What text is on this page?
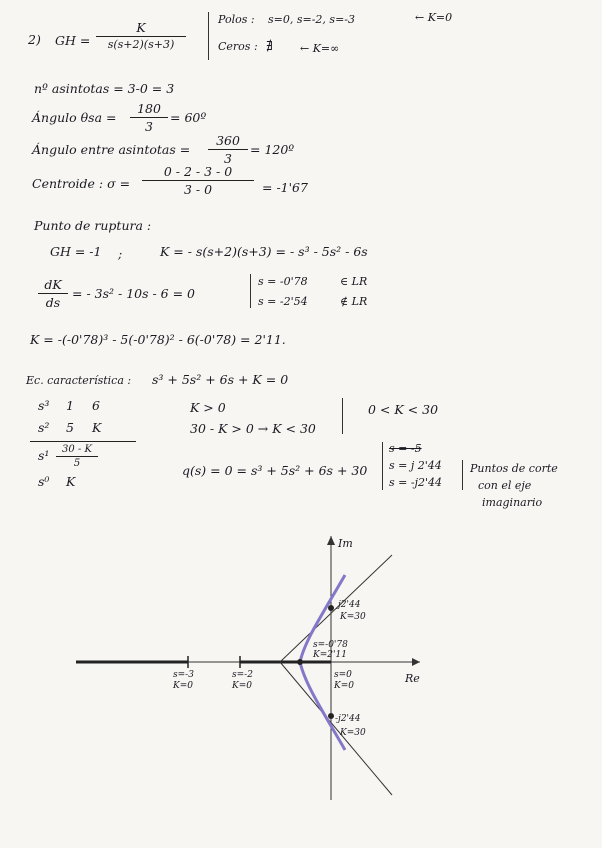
2) GH = $\frac{K}{s(s+2)(s+3)}$
Polos : s=0, s=-2, s=-3	← K=0
Ceros : ∄ ← K=∞
nº asintotas = 3-0 = 3
Ángulo $\theta sa = \frac{180}{3}$ = 60º
Ángulo entre asintotas = $\frac{360}{3}$ = 120º
Centroide : $\sigma = \frac{0 - 2 - 3 - 0}{3 - 0} = -1'67$
Punto de ruptura :
GH = -1 ;	K = - s(s+2)(s+3) = - s³ - 5s² - 6s
$\frac{dK}{ds}$ = - 3s² - 10s - 6 = 0
s = -0'78	∈ LR
s = -2'54	∉ LR
K = -(-0'78)³ - 5(-0'78)² - 6(-0'78) = 2'11.
Ec. característica : s³ + 5s² + 6s + K = 0
s³ 1 6
s² 5 K
$s^1 \frac{30 - K}{5}$
s⁰ K
K > 0
30 - K > 0 → K < 30
0 < K < 30
q(s) = 0 = s³ + 5s² + 6s + 30
s = -5
s = j 2'44
s = -j2'44
Puntos de corte
con el eje
imaginario
Im
Re
s=-3
K=0
s=-2
K=0
s=0
K=0
s=-0'78
K=2'11
j2'44
K=30
-j2'44
K=30
